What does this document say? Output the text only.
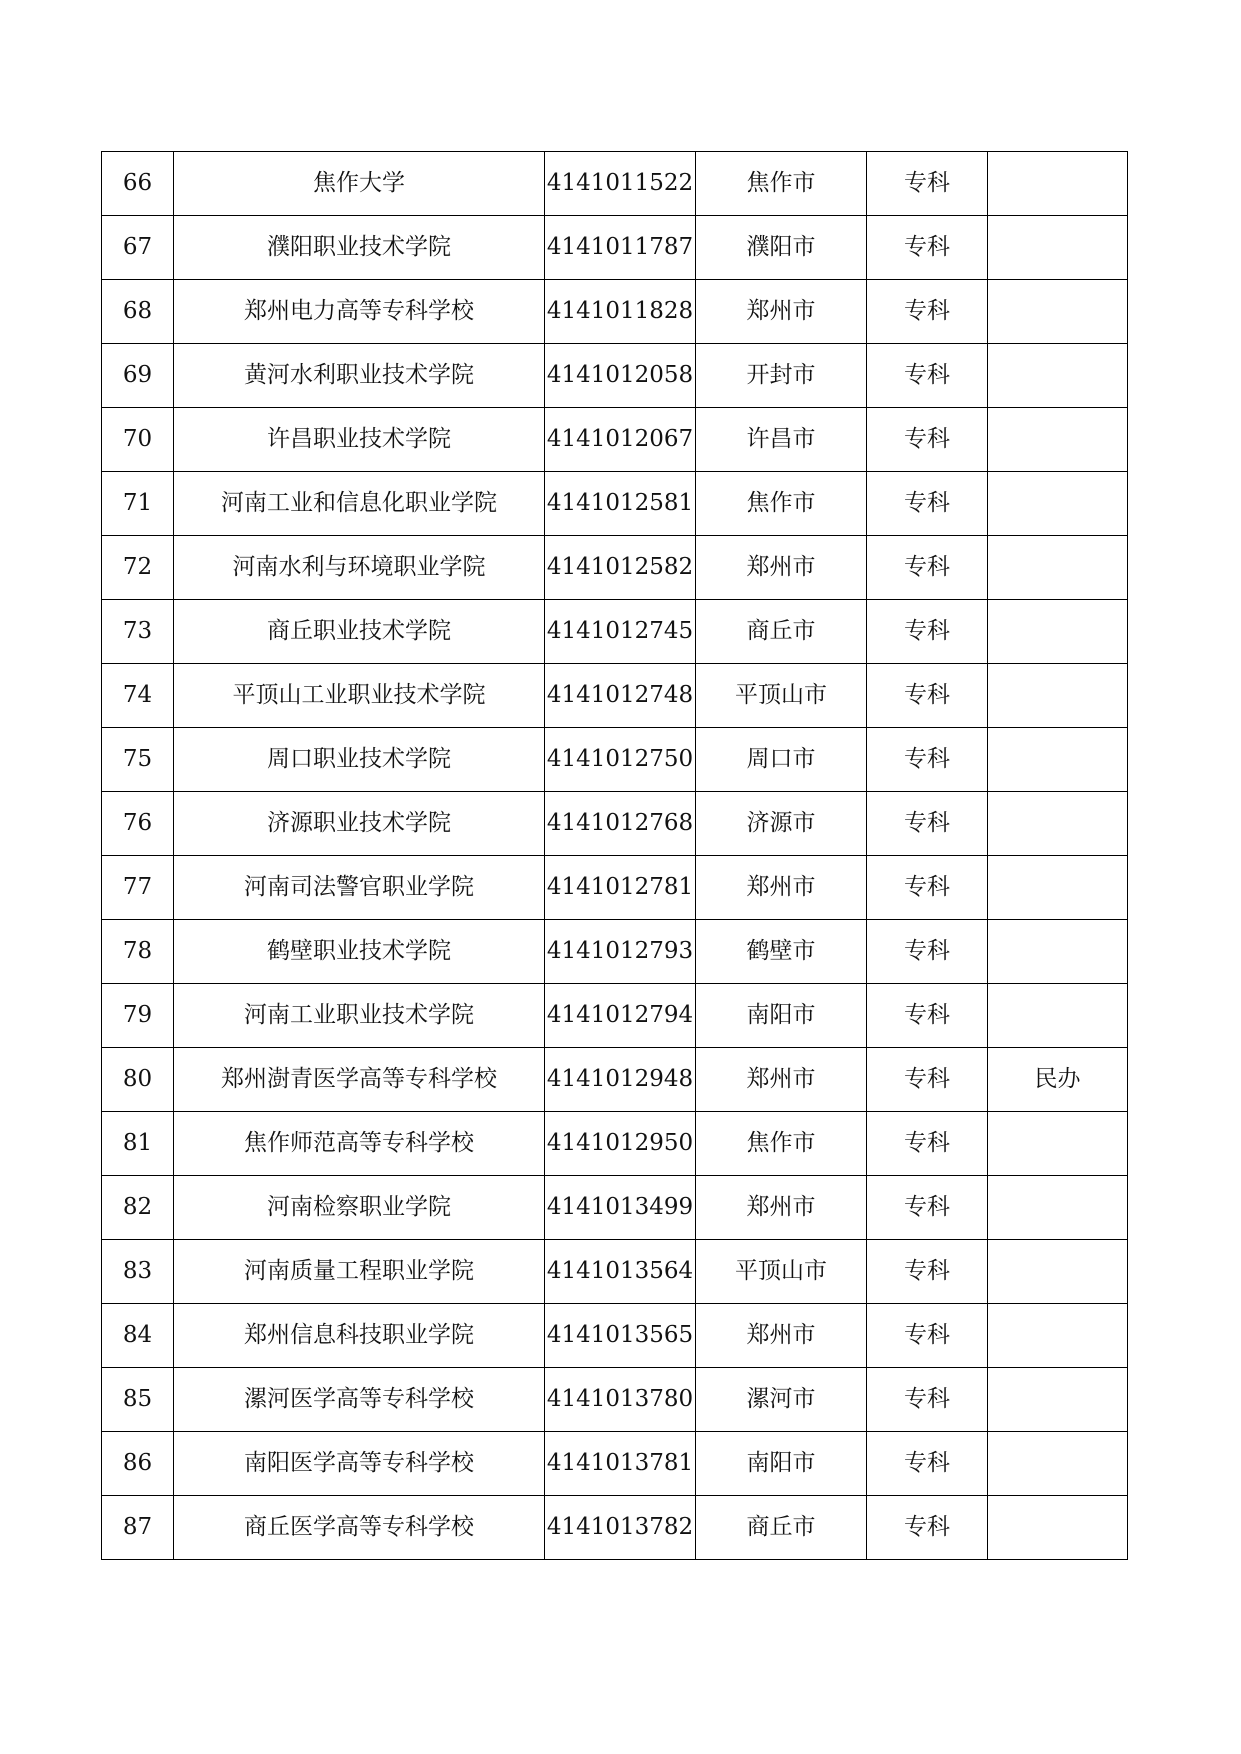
66	焦作大学	4141011522	焦作市	专科	
67	濮阳职业技术学院	4141011787	濮阳市	专科	
68	郑州电力高等专科学校	4141011828	郑州市	专科	
69	黄河水利职业技术学院	4141012058	开封市	专科	
70	许昌职业技术学院	4141012067	许昌市	专科	
71	河南工业和信息化职业学院	4141012581	焦作市	专科	
72	河南水利与环境职业学院	4141012582	郑州市	专科	
73	商丘职业技术学院	4141012745	商丘市	专科	
74	平顶山工业职业技术学院	4141012748	平顶山市	专科	
75	周口职业技术学院	4141012750	周口市	专科	
76	济源职业技术学院	4141012768	济源市	专科	
77	河南司法警官职业学院	4141012781	郑州市	专科	
78	鹤壁职业技术学院	4141012793	鹤壁市	专科	
79	河南工业职业技术学院	4141012794	南阳市	专科	
80	郑州澍青医学高等专科学校	4141012948	郑州市	专科	民办
81	焦作师范高等专科学校	4141012950	焦作市	专科	
82	河南检察职业学院	4141013499	郑州市	专科	
83	河南质量工程职业学院	4141013564	平顶山市	专科	
84	郑州信息科技职业学院	4141013565	郑州市	专科	
85	漯河医学高等专科学校	4141013780	漯河市	专科	
86	南阳医学高等专科学校	4141013781	南阳市	专科	
87	商丘医学高等专科学校	4141013782	商丘市	专科	
